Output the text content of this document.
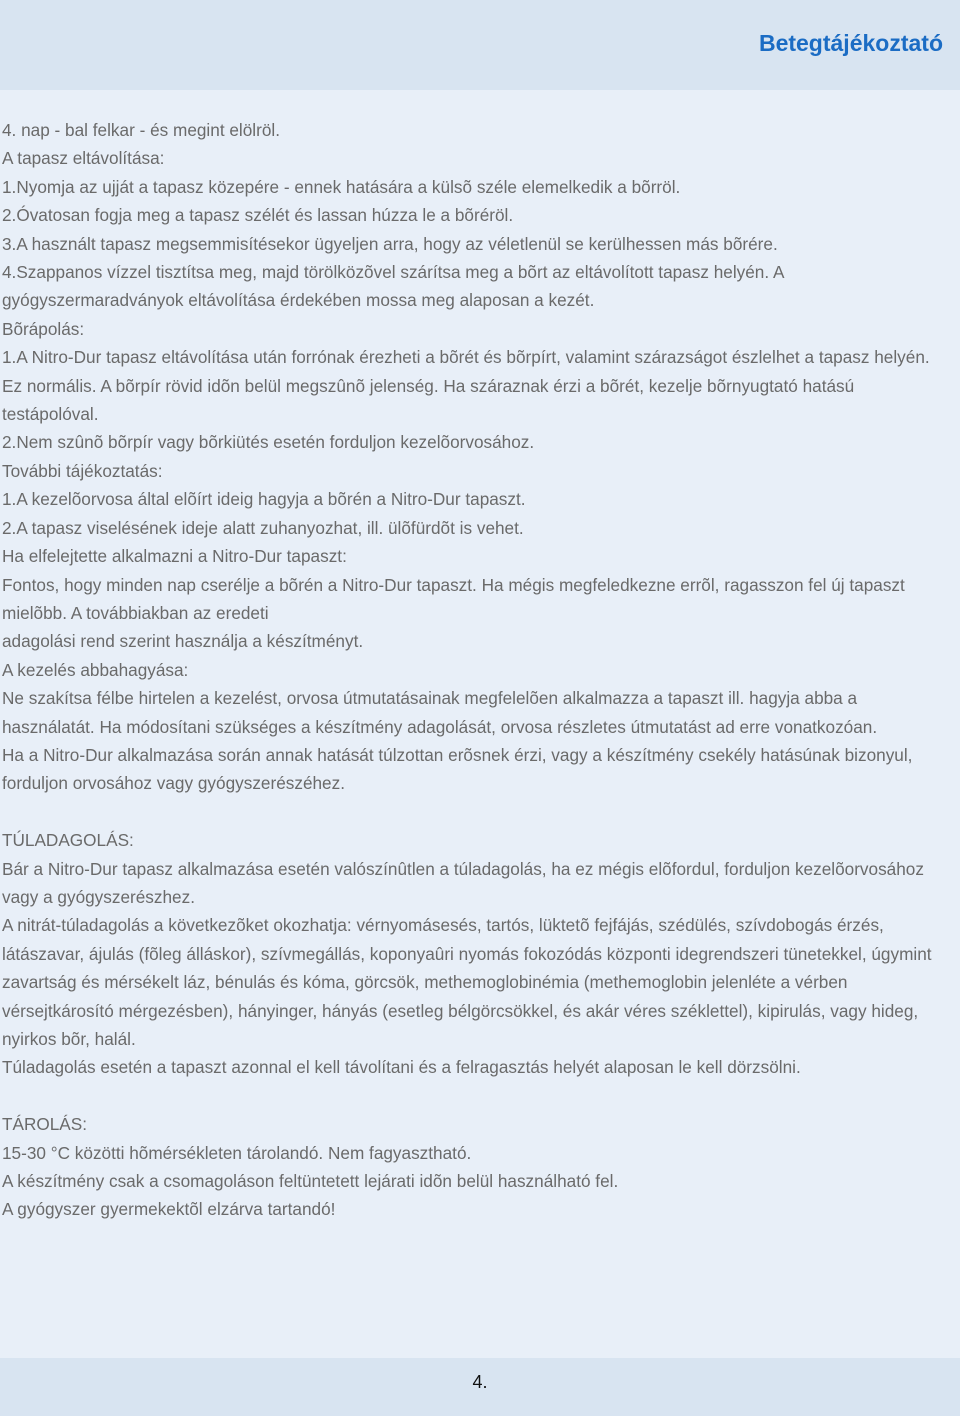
Betegtájékoztató

4. nap - bal felkar - és megint elölröl.

A tapasz eltávolítása:

1.Nyomja az ujját a tapasz közepére - ennek hatására a külsõ széle elemelkedik a bõrröl.

2.Óvatosan fogja meg a tapasz szélét és lassan húzza le a bõréröl.

3.A használt tapasz megsemmisítésekor ügyeljen arra, hogy az véletlenül se kerülhessen más bõrére.

4.Szappanos vízzel tisztítsa meg, majd törölközõvel szárítsa meg a bõrt az eltávolított tapasz helyén. A gyógyszermaradványok eltávolítása érdekében mossa meg alaposan a kezét.

Bõrápolás:

1.A Nitro-Dur tapasz eltávolítása után forrónak érezheti a bõrét és bõrpírt, valamint szárazságot észlelhet a tapasz helyén. Ez normális. A bõrpír rövid idõn belül megszûnõ jelenség. Ha száraznak érzi a bõrét, kezelje bõrnyugtató hatású testápolóval.

2.Nem szûnõ bõrpír vagy bõrkiütés esetén forduljon kezelõorvosához.

További tájékoztatás:

1.A kezelõorvosa által elõírt ideig hagyja a bõrén a Nitro-Dur tapaszt.

2.A tapasz viselésének ideje alatt zuhanyozhat, ill. ülõfürdõt is vehet.

Ha elfelejtette alkalmazni a Nitro-Dur tapaszt:

Fontos, hogy minden nap cserélje a bõrén a Nitro-Dur tapaszt. Ha mégis megfeledkezne errõl, ragasszon fel új tapaszt mielõbb. A továbbiakban az eredeti

adagolási rend szerint használja a készítményt.

A kezelés abbahagyása:

Ne szakítsa félbe hirtelen a kezelést, orvosa útmutatásainak megfelelõen alkalmazza a tapaszt ill. hagyja abba a használatát. Ha módosítani szükséges a készítmény adagolását, orvosa részletes útmutatást ad erre vonatkozóan.

Ha a Nitro-Dur alkalmazása során annak hatását túlzottan erõsnek érzi, vagy a készítmény csekély hatásúnak bizonyul, forduljon orvosához vagy gyógyszerészéhez.

TÚLADAGOLÁS:

Bár a Nitro-Dur tapasz alkalmazása esetén valószínûtlen a túladagolás, ha ez mégis elõfordul, forduljon kezelõorvosához vagy a gyógyszerészhez.

A nitrát-túladagolás a következõket okozhatja: vérnyomásesés, tartós, lüktetõ fejfájás, szédülés, szívdobogás érzés, látászavar, ájulás (fõleg álláskor), szívmegállás, koponyaûri nyomás fokozódás központi idegrendszeri tünetekkel, úgymint zavartság és mérsékelt láz, bénulás és kóma, görcsök, methemoglobinémia (methemoglobin jelenléte a vérben vérsejtkárosító mérgezésben), hányinger, hányás (esetleg bélgörcsökkel, és akár véres széklettel), kipirulás, vagy hideg, nyirkos bõr, halál.

Túladagolás esetén a tapaszt azonnal el kell távolítani és a felragasztás helyét alaposan le kell dörzsölni.

TÁROLÁS:

15-30 °C közötti hõmérsékleten tárolandó. Nem fagyasztható.

A készítmény csak a csomagoláson feltüntetett lejárati idõn belül használható fel.

A gyógyszer gyermekektõl elzárva tartandó!

4.
